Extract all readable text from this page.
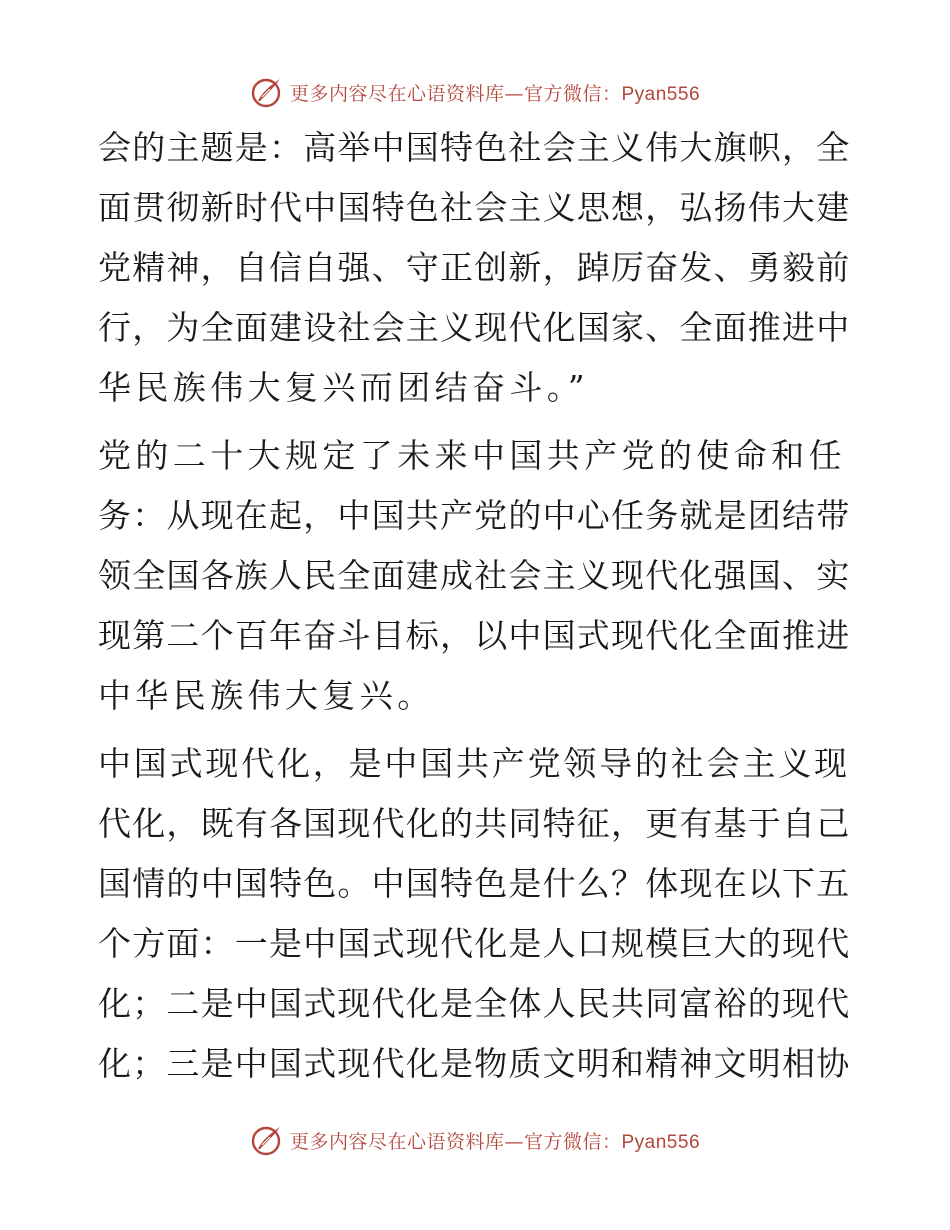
更多内容尽在心语资料库—官方微信：Pyan556
会的主题是：高举中国特色社会主义伟大旗帜，全
面贯彻新时代中国特色社会主义思想，弘扬伟大建
党精神，自信自强、守正创新，踔厉奋发、勇毅前
行，为全面建设社会主义现代化国家、全面推进中
华民族伟大复兴而团结奋斗。”
党的二十大规定了未来中国共产党的使命和任
务：从现在起，中国共产党的中心任务就是团结带
领全国各族人民全面建成社会主义现代化强国、实
现第二个百年奋斗目标，以中国式现代化全面推进
中华民族伟大复兴。
中国式现代化，是中国共产党领导的社会主义现
代化，既有各国现代化的共同特征，更有基于自己
国情的中国特色。中国特色是什么？体现在以下五
个方面：一是中国式现代化是人口规模巨大的现代
化；二是中国式现代化是全体人民共同富裕的现代
化；三是中国式现代化是物质文明和精神文明相协
更多内容尽在心语资料库—官方微信：Pyan556
